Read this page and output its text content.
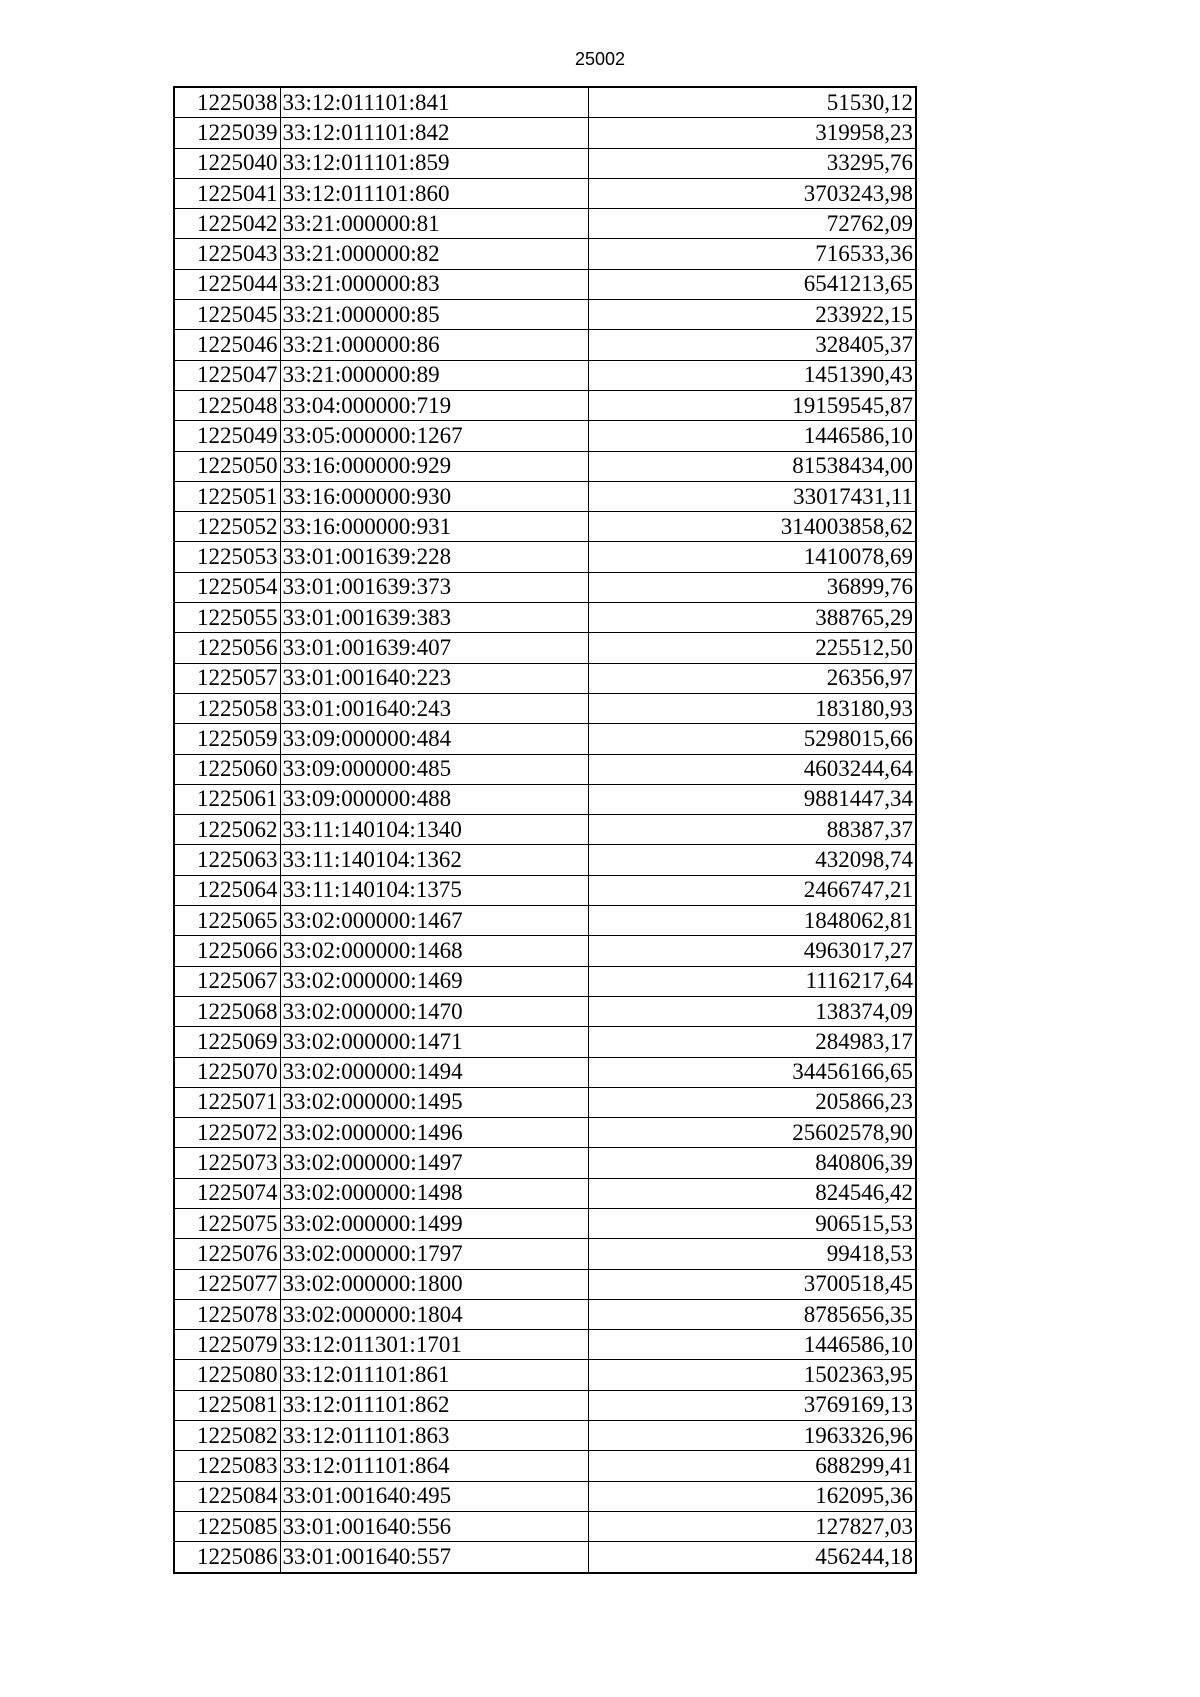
25002
1225038	33:12:011101:841	51530,12
1225039	33:12:011101:842	319958,23
1225040	33:12:011101:859	33295,76
1225041	33:12:011101:860	3703243,98
1225042	33:21:000000:81	72762,09
1225043	33:21:000000:82	716533,36
1225044	33:21:000000:83	6541213,65
1225045	33:21:000000:85	233922,15
1225046	33:21:000000:86	328405,37
1225047	33:21:000000:89	1451390,43
1225048	33:04:000000:719	19159545,87
1225049	33:05:000000:1267	1446586,10
1225050	33:16:000000:929	81538434,00
1225051	33:16:000000:930	33017431,11
1225052	33:16:000000:931	314003858,62
1225053	33:01:001639:228	1410078,69
1225054	33:01:001639:373	36899,76
1225055	33:01:001639:383	388765,29
1225056	33:01:001639:407	225512,50
1225057	33:01:001640:223	26356,97
1225058	33:01:001640:243	183180,93
1225059	33:09:000000:484	5298015,66
1225060	33:09:000000:485	4603244,64
1225061	33:09:000000:488	9881447,34
1225062	33:11:140104:1340	88387,37
1225063	33:11:140104:1362	432098,74
1225064	33:11:140104:1375	2466747,21
1225065	33:02:000000:1467	1848062,81
1225066	33:02:000000:1468	4963017,27
1225067	33:02:000000:1469	1116217,64
1225068	33:02:000000:1470	138374,09
1225069	33:02:000000:1471	284983,17
1225070	33:02:000000:1494	34456166,65
1225071	33:02:000000:1495	205866,23
1225072	33:02:000000:1496	25602578,90
1225073	33:02:000000:1497	840806,39
1225074	33:02:000000:1498	824546,42
1225075	33:02:000000:1499	906515,53
1225076	33:02:000000:1797	99418,53
1225077	33:02:000000:1800	3700518,45
1225078	33:02:000000:1804	8785656,35
1225079	33:12:011301:1701	1446586,10
1225080	33:12:011101:861	1502363,95
1225081	33:12:011101:862	3769169,13
1225082	33:12:011101:863	1963326,96
1225083	33:12:011101:864	688299,41
1225084	33:01:001640:495	162095,36
1225085	33:01:001640:556	127827,03
1225086	33:01:001640:557	456244,18
